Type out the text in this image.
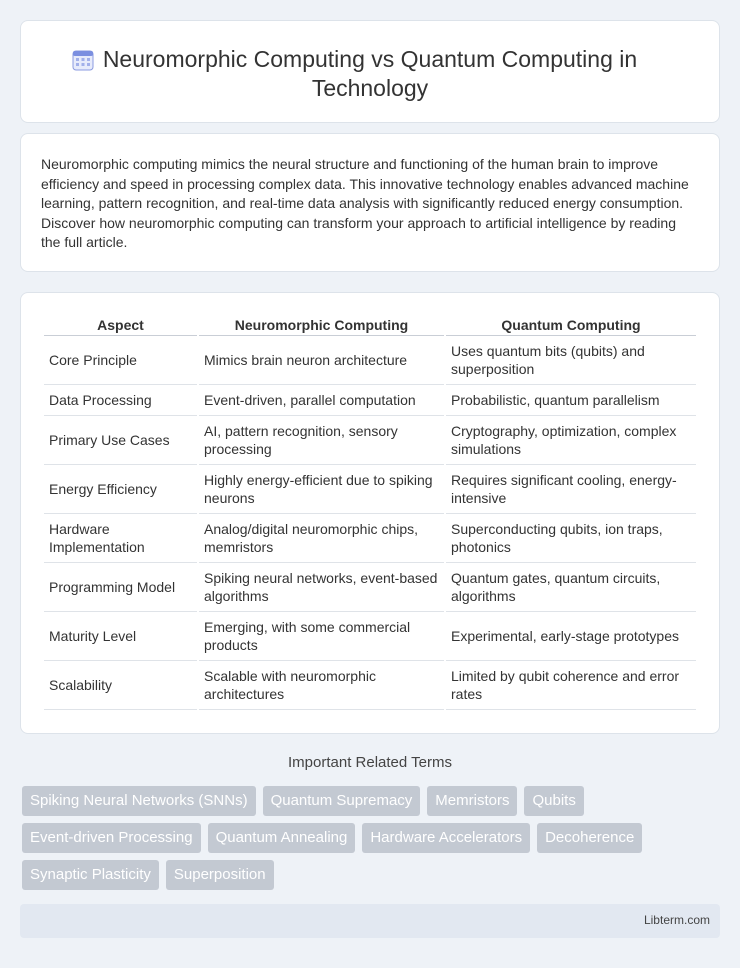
Neuromorphic Computing vs Quantum Computing in Technology

Neuromorphic computing mimics the neural structure and functioning of the human brain to improve efficiency and speed in processing complex data. This innovative technology enables advanced machine learning, pattern recognition, and real-time data analysis with significantly reduced energy consumption. Discover how neuromorphic computing can transform your approach to artificial intelligence by reading the full article.

Aspect	Neuromorphic Computing	Quantum Computing
Core Principle	Mimics brain neuron architecture	Uses quantum bits (qubits) and superposition
Data Processing	Event-driven, parallel computation	Probabilistic, quantum parallelism
Primary Use Cases	AI, pattern recognition, sensory processing	Cryptography, optimization, complex simulations
Energy Efficiency	Highly energy-efficient due to spiking neurons	Requires significant cooling, energy-intensive
Hardware Implementation	Analog/digital neuromorphic chips, memristors	Superconducting qubits, ion traps, photonics
Programming Model	Spiking neural networks, event-based algorithms	Quantum gates, quantum circuits, algorithms
Maturity Level	Emerging, with some commercial products	Experimental, early-stage prototypes
Scalability	Scalable with neuromorphic architectures	Limited by qubit coherence and error rates
Important Related Terms
Spiking Neural Networks (SNNs)	Quantum Supremacy	Memristors	Qubits
Event-driven Processing	Quantum Annealing	Hardware Accelerators	Decoherence
Synaptic Plasticity	Superposition
Libterm.com
